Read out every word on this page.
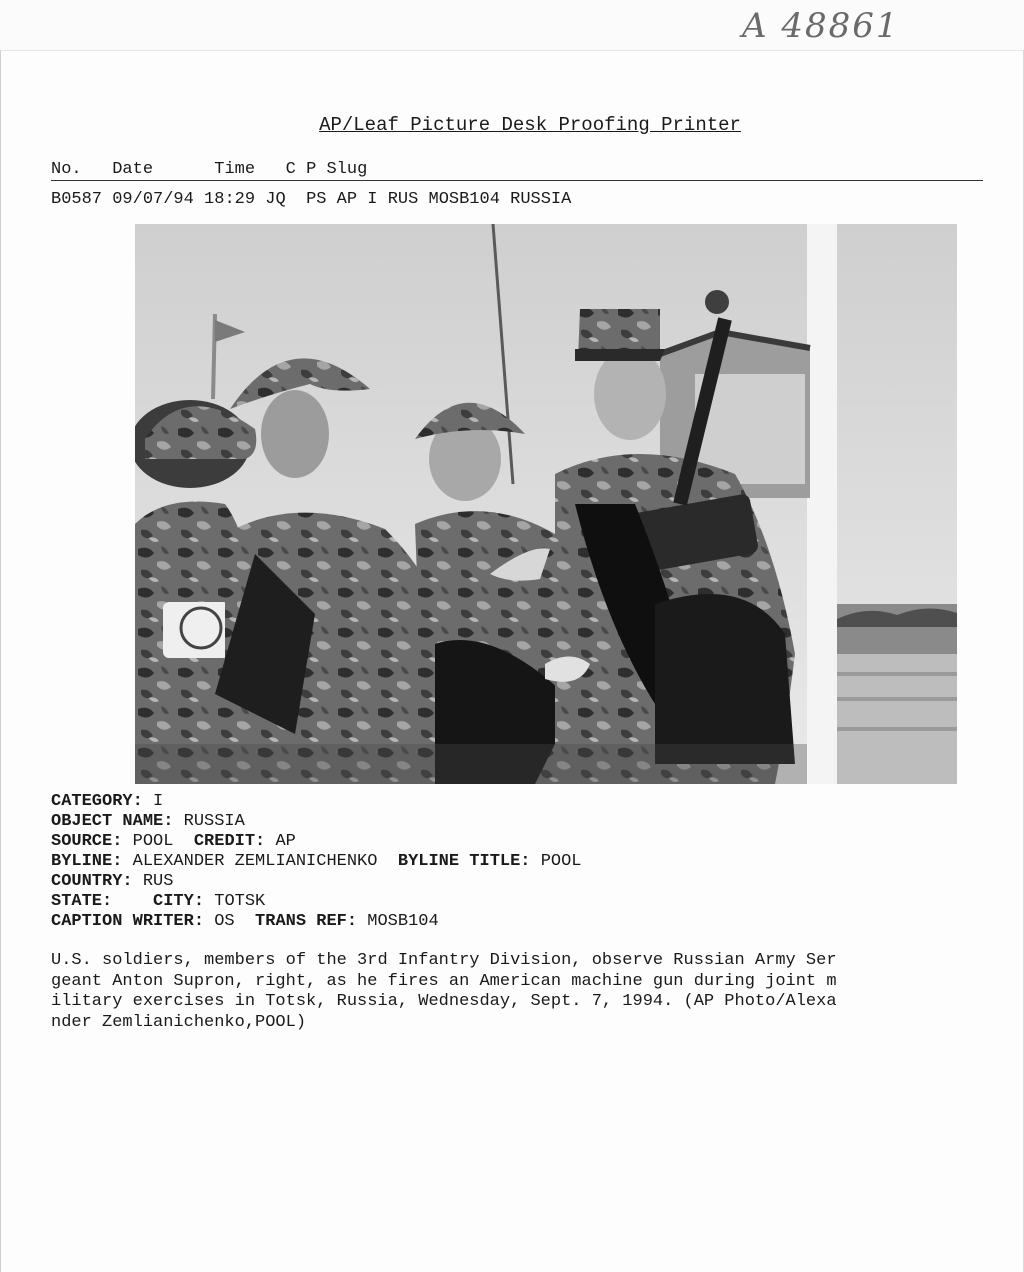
A 48861
AP/Leaf Picture Desk Proofing Printer
No. Date	Time C P Slug
B0587 09/07/94 18:29 JQ PS AP I RUS MOSB104 RUSSIA
CATEGORY: I
OBJECT NAME: RUSSIA
SOURCE: POOL CREDIT: AP
BYLINE: ALEXANDER ZEMLIANICHENKO BYLINE TITLE: POOL
COUNTRY: RUS
STATE: CITY: TOTSK
CAPTION WRITER: OS TRANS REF: MOSB104
U.S. soldiers, members of the 3rd Infantry Division, observe Russian Army Ser
geant Anton Supron, right, as he fires an American machine gun during joint m
ilitary exercises in Totsk, Russia, Wednesday, Sept. 7, 1994. (AP Photo/Alexa
nder Zemlianichenko,POOL)
